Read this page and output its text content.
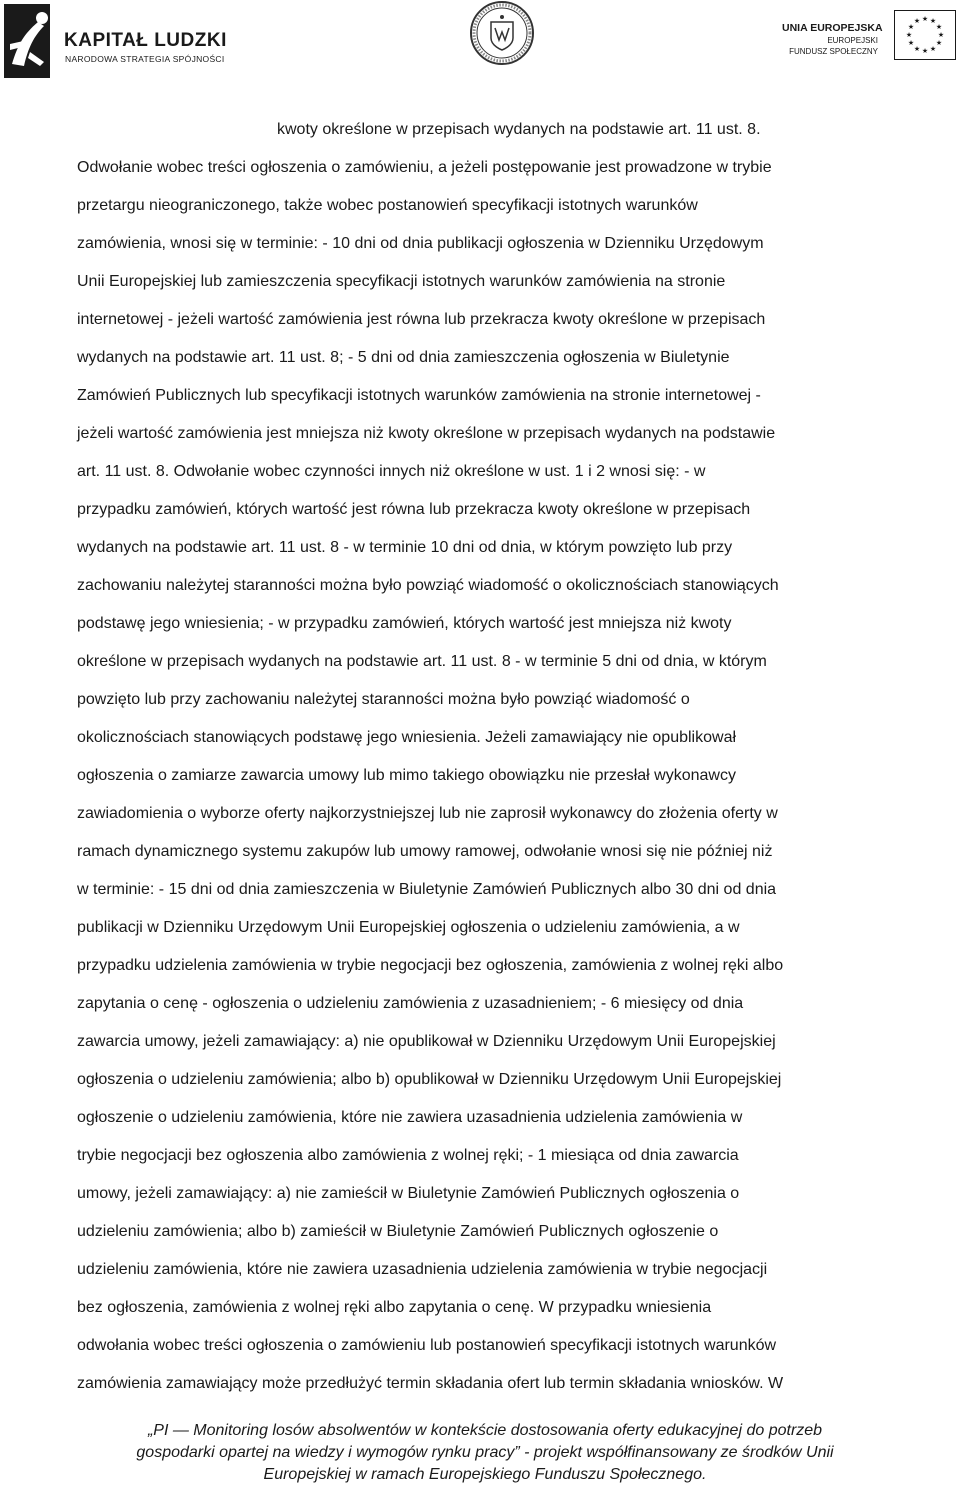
KAPITAŁ LUDZKI
NARODOWA STRATEGIA SPÓJNOŚCI
UNIA EUROPEJSKA
EUROPEJSKI
FUNDUSZ SPOŁECZNY
★ ★
★
★
★
★
★
★
★
★
★
★
kwoty określone w przepisach wydanych na podstawie art. 11 ust. 8.
Odwołanie wobec treści ogłoszenia o zamówieniu, a jeżeli postępowanie jest prowadzone w trybie
przetargu nieograniczonego, także wobec postanowień specyfikacji istotnych warunków
zamówienia, wnosi się w terminie: - 10 dni od dnia publikacji ogłoszenia w Dzienniku Urzędowym
Unii Europejskiej lub zamieszczenia specyfikacji istotnych warunków zamówienia na stronie
internetowej - jeżeli wartość zamówienia jest równa lub przekracza kwoty określone w przepisach
wydanych na podstawie art. 11 ust. 8; - 5 dni od dnia zamieszczenia ogłoszenia w Biuletynie
Zamówień Publicznych lub specyfikacji istotnych warunków zamówienia na stronie internetowej -
jeżeli wartość zamówienia jest mniejsza niż kwoty określone w przepisach wydanych na podstawie
art. 11 ust. 8. Odwołanie wobec czynności innych niż określone w ust. 1 i 2 wnosi się: - w
przypadku zamówień, których wartość jest równa lub przekracza kwoty określone w przepisach
wydanych na podstawie art. 11 ust. 8 - w terminie 10 dni od dnia, w którym powzięto lub przy
zachowaniu należytej staranności można było powziąć wiadomość o okolicznościach stanowiących
podstawę jego wniesienia; - w przypadku zamówień, których wartość jest mniejsza niż kwoty
określone w przepisach wydanych na podstawie art. 11 ust. 8 - w terminie 5 dni od dnia, w którym
powzięto lub przy zachowaniu należytej staranności można było powziąć wiadomość o
okolicznościach stanowiących podstawę jego wniesienia. Jeżeli zamawiający nie opublikował
ogłoszenia o zamiarze zawarcia umowy lub mimo takiego obowiązku nie przesłał wykonawcy
zawiadomienia o wyborze oferty najkorzystniejszej lub nie zaprosił wykonawcy do złożenia oferty w
ramach dynamicznego systemu zakupów lub umowy ramowej, odwołanie wnosi się nie później niż
w terminie: - 15 dni od dnia zamieszczenia w Biuletynie Zamówień Publicznych albo 30 dni od dnia
publikacji w Dzienniku Urzędowym Unii Europejskiej ogłoszenia o udzieleniu zamówienia, a w
przypadku udzielenia zamówienia w trybie negocjacji bez ogłoszenia, zamówienia z wolnej ręki albo
zapytania o cenę - ogłoszenia o udzieleniu zamówienia z uzasadnieniem; - 6 miesięcy od dnia
zawarcia umowy, jeżeli zamawiający: a) nie opublikował w Dzienniku Urzędowym Unii Europejskiej
ogłoszenia o udzieleniu zamówienia; albo b) opublikował w Dzienniku Urzędowym Unii Europejskiej
ogłoszenie o udzieleniu zamówienia, które nie zawiera uzasadnienia udzielenia zamówienia w
trybie negocjacji bez ogłoszenia albo zamówienia z wolnej ręki; - 1 miesiąca od dnia zawarcia
umowy, jeżeli zamawiający: a) nie zamieścił w Biuletynie Zamówień Publicznych ogłoszenia o
udzieleniu zamówienia; albo b) zamieścił w Biuletynie Zamówień Publicznych ogłoszenie o
udzieleniu zamówienia, które nie zawiera uzasadnienia udzielenia zamówienia w trybie negocjacji
bez ogłoszenia, zamówienia z wolnej ręki albo zapytania o cenę. W przypadku wniesienia
odwołania wobec treści ogłoszenia o zamówieniu lub postanowień specyfikacji istotnych warunków
zamówienia zamawiający może przedłużyć termin składania ofert lub termin składania wniosków. W
„PI — Monitoring losów absolwentów w kontekście dostosowania oferty edukacyjnej do potrzeb
gospodarki opartej na wiedzy i wymogów rynku pracy” - projekt współfinansowany ze środków Unii
Europejskiej w ramach Europejskiego Funduszu Społecznego.
